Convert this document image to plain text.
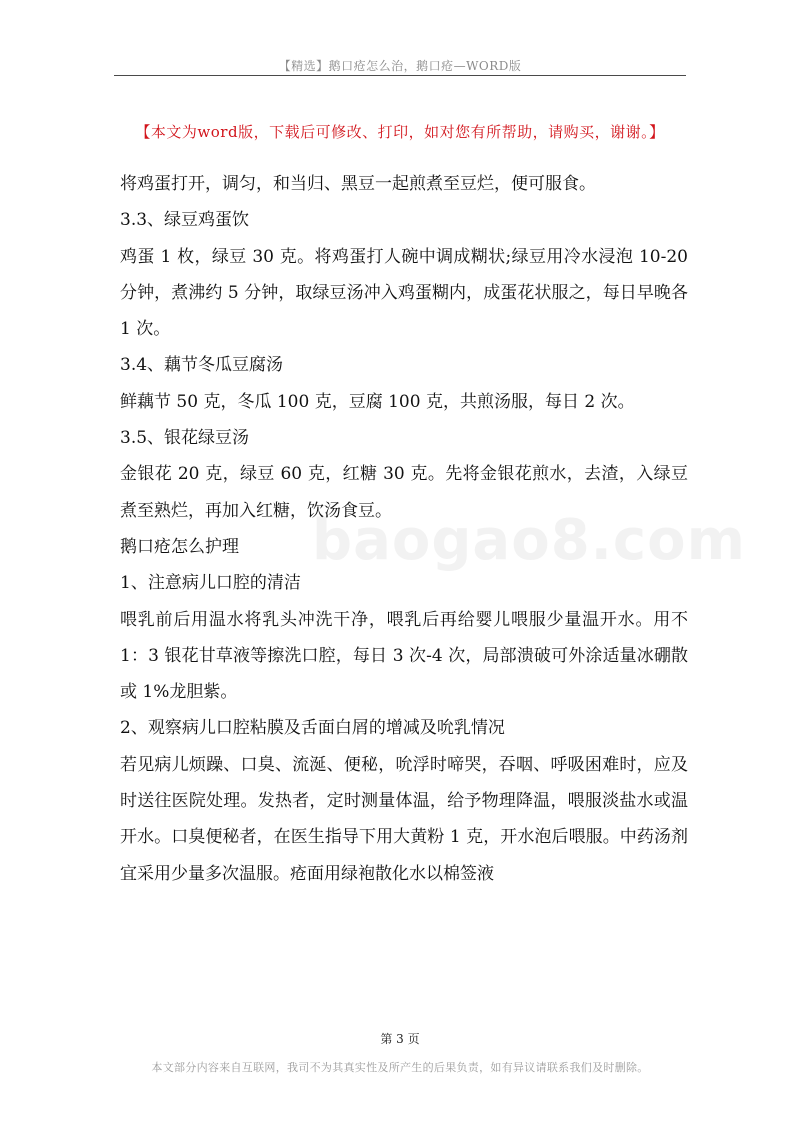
【精选】鹅口疮怎么治，鹅口疮—WORD版
【本文为word版，下载后可修改、打印，如对您有所帮助，请购买，谢谢。】
baogao8.com

将鸡蛋打开，调匀，和当归、黑豆一起煎煮至豆烂，便可服食。

3.3、绿豆鸡蛋饮

鸡蛋 1 枚，绿豆 30 克。将鸡蛋打人碗中调成糊状;绿豆用冷水浸泡 10-20 分钟，煮沸约 5 分钟，取绿豆汤冲入鸡蛋糊内，成蛋花状服之，每日早晚各 1 次。

3.4、藕节冬瓜豆腐汤

鲜藕节 50 克，冬瓜 100 克，豆腐 100 克，共煎汤服，每日 2 次。

3.5、银花绿豆汤

金银花 20 克，绿豆 60 克，红糖 30 克。先将金银花煎水，去渣，入绿豆煮至熟烂，再加入红糖，饮汤食豆。

鹅口疮怎么护理

1、注意病儿口腔的清洁

喂乳前后用温水将乳头冲洗干净，喂乳后再给婴儿喂服少量温开水。用不 1：3 银花甘草液等擦洗口腔，每日 3 次-4 次，局部溃破可外涂适量冰硼散或 1%龙胆紫。

2、观察病儿口腔粘膜及舌面白屑的增减及吮乳情况

若见病儿烦躁、口臭、流涎、便秘，吮浮时啼哭，吞咽、呼吸困难时，应及时送往医院处理。发热者，定时测量体温，给予物理降温，喂服淡盐水或温开水。口臭便秘者，在医生指导下用大黄粉 1 克，开水泡后喂服。中药汤剂宜采用少量多次温服。疮面用绿袍散化水以棉签液

第 3 页
本文部分内容来自互联网，我司不为其真实性及所产生的后果负责，如有异议请联系我们及时删除。
